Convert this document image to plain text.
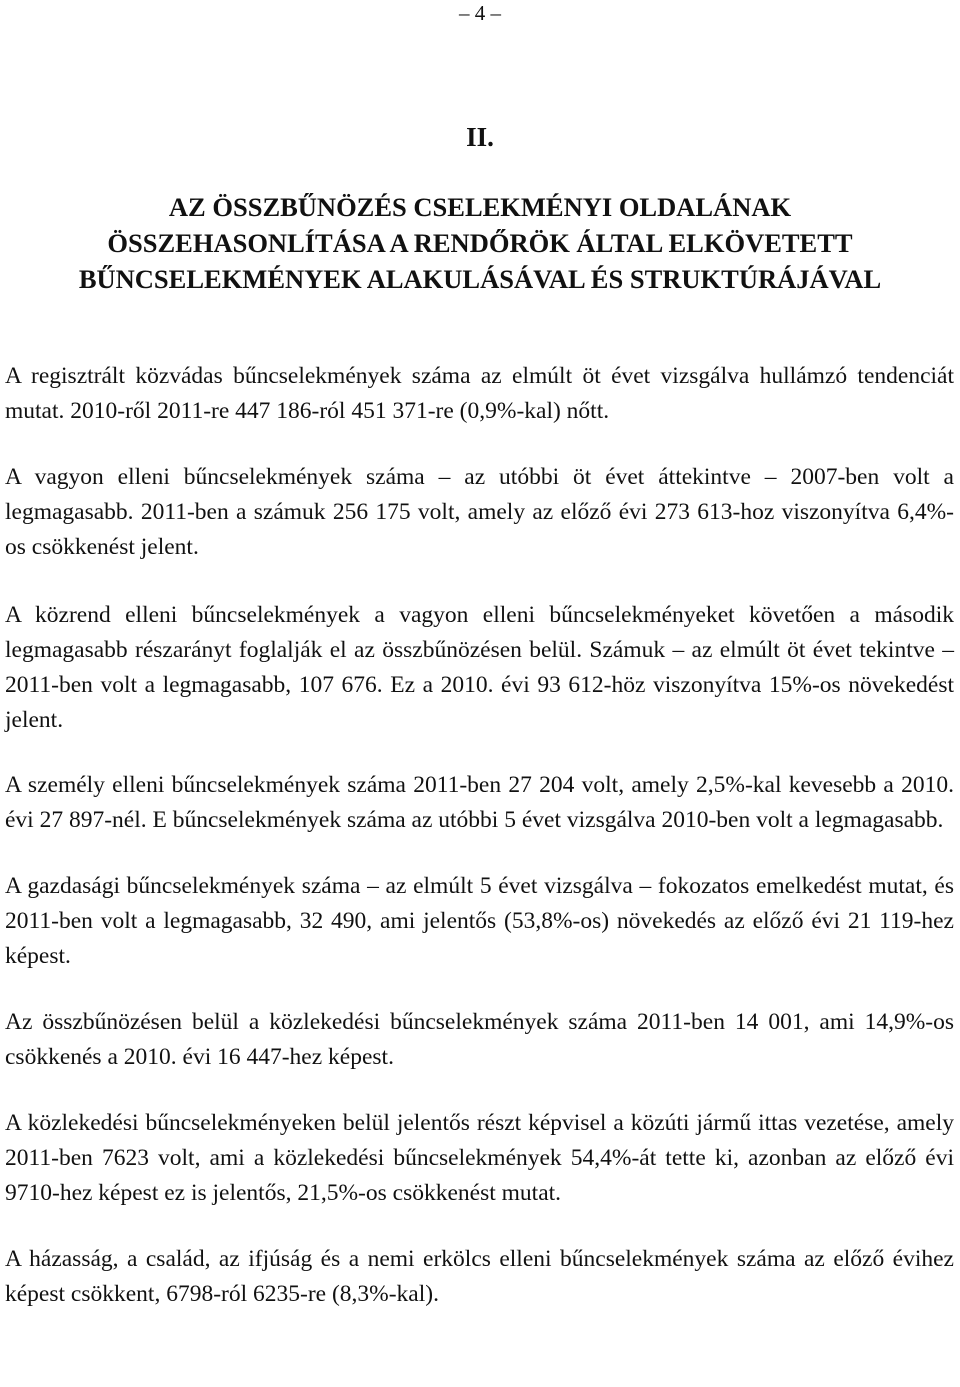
– 4 –
II.
AZ ÖSSZBŰNÖZÉS CSELEKMÉNYI OLDALÁNAK
ÖSSZEHASONLÍTÁSA A RENDŐRÖK ÁLTAL ELKÖVETETT
BŰNCSELEKMÉNYEK ALAKULÁSÁVAL ÉS STRUKTÚRÁJÁVAL

A regisztrált közvádas bűncselekmények száma az elmúlt öt évet vizsgálva hullámzó tendenciát mutat. 2010-ről 2011-re 447 186-ról 451 371-re (0,9%-kal) nőtt.

A vagyon elleni bűncselekmények száma – az utóbbi öt évet áttekintve – 2007-ben volt a legmagasabb. 2011-ben a számuk 256 175 volt, amely az előző évi 273 613-hoz viszonyítva 6,4%-os csökkenést jelent.

A közrend elleni bűncselekmények a vagyon elleni bűncselekményeket követően a második legmagasabb részarányt foglalják el az összbűnözésen belül. Számuk – az elmúlt öt évet tekintve – 2011-ben volt a legmagasabb, 107 676. Ez a 2010. évi 93 612-höz viszonyítva 15%-os növekedést jelent.

A személy elleni bűncselekmények száma 2011-ben 27 204 volt, amely 2,5%-kal kevesebb a 2010. évi 27 897-nél. E bűncselekmények száma az utóbbi 5 évet vizsgálva 2010-ben volt a legmagasabb.

A gazdasági bűncselekmények száma – az elmúlt 5 évet vizsgálva – fokozatos emelkedést mutat, és 2011-ben volt a legmagasabb, 32 490, ami jelentős (53,8%-os) növekedés az előző évi 21 119-hez képest.

Az összbűnözésen belül a közlekedési bűncselekmények száma 2011-ben 14 001, ami 14,9%-os csökkenés a 2010. évi 16 447-hez képest.

A közlekedési bűncselekményeken belül jelentős részt képvisel a közúti jármű ittas vezetése, amely 2011-ben 7623 volt, ami a közlekedési bűncselekmények 54,4%-át tette ki, azonban az előző évi 9710-hez képest ez is jelentős, 21,5%-os csökkenést mutat.

A házasság, a család, az ifjúság és a nemi erkölcs elleni bűncselekmények száma az előző évihez képest csökkent, 6798-ról 6235-re (8,3%-kal).
